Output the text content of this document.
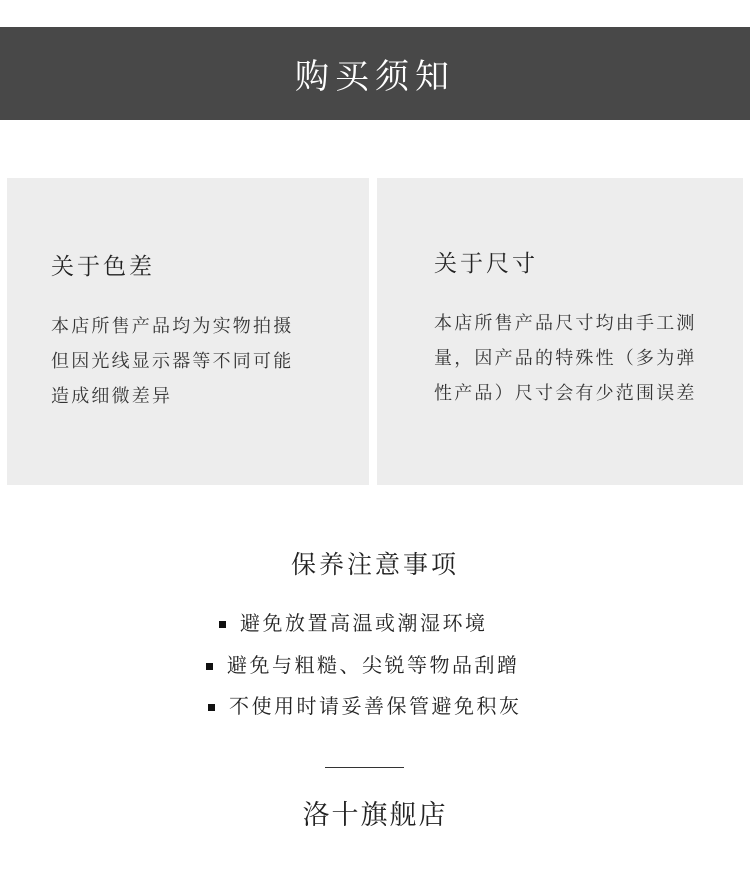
购买须知
关于色差
本店所售产品均为实物拍摄
但因光线显示器等不同可能
造成细微差异
关于尺寸
本店所售产品尺寸均由手工测
量，因产品的特殊性（多为弹
性产品）尺寸会有少范围误差
保养注意事项
避免放置高温或潮湿环境
避免与粗糙、尖锐等物品刮蹭
不使用时请妥善保管避免积灰
洛十旗舰店
